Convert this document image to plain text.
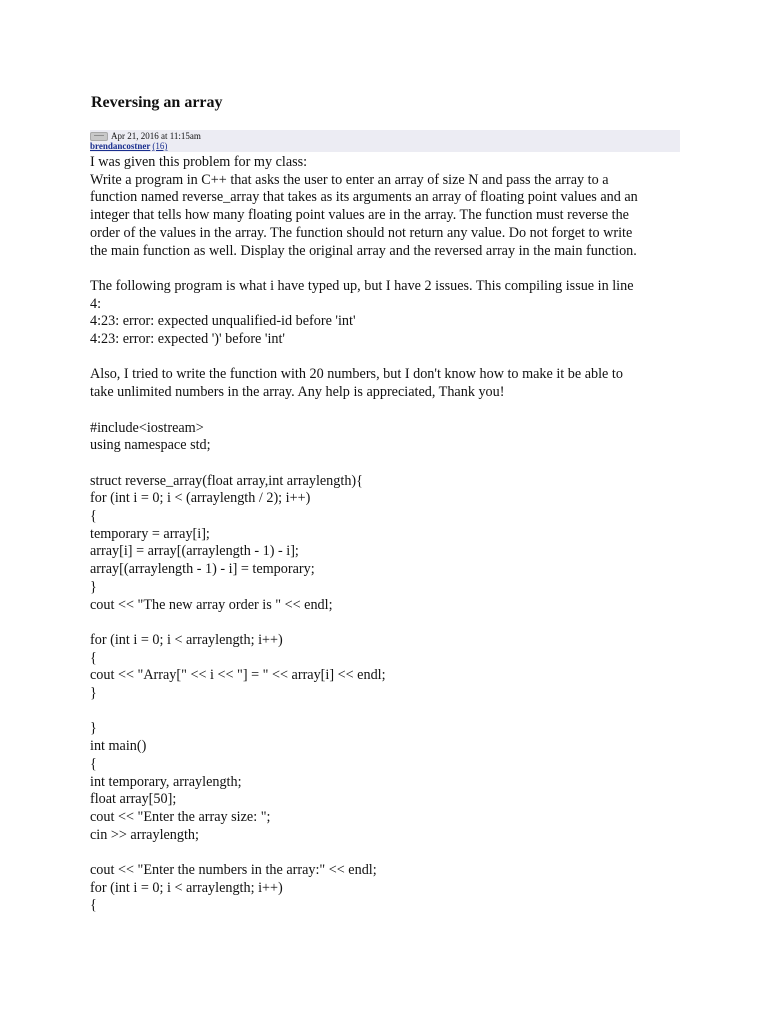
Reversing an array
Apr 21, 2016 at 11:15am
brendancostner (16)

I was given this problem for my class:
Write a program in C++ that asks the user to enter an array of size N and pass the array to a
function named reverse_array that takes as its arguments an array of floating point values and an
integer that tells how many floating point values are in the array. The function must reverse the
order of the values in the array. The function should not return any value. Do not forget to write
the main function as well. Display the original array and the reversed array in the main function.

The following program is what i have typed up, but I have 2 issues. This compiling issue in line
4:
4:23: error: expected unqualified-id before 'int'
4:23: error: expected ')' before 'int'

Also, I tried to write the function with 20 numbers, but I don't know how to make it be able to
take unlimited numbers in the array. Any help is appreciated, Thank you!

#include<iostream>
using namespace std;

struct reverse_array(float array,int arraylength){
for (int i = 0; i < (arraylength / 2); i++)
{
temporary = array[i];
array[i] = array[(arraylength - 1) - i];
array[(arraylength - 1) - i] = temporary;
}
cout << "The new array order is " << endl;

for (int i = 0; i < arraylength; i++)
{
cout << "Array[" << i << "] = " << array[i] << endl;
}

}
int main()
{
int temporary, arraylength;
float array[50];
cout << "Enter the array size: ";
cin >> arraylength;

cout << "Enter the numbers in the array:" << endl;
for (int i = 0; i < arraylength; i++)
{
